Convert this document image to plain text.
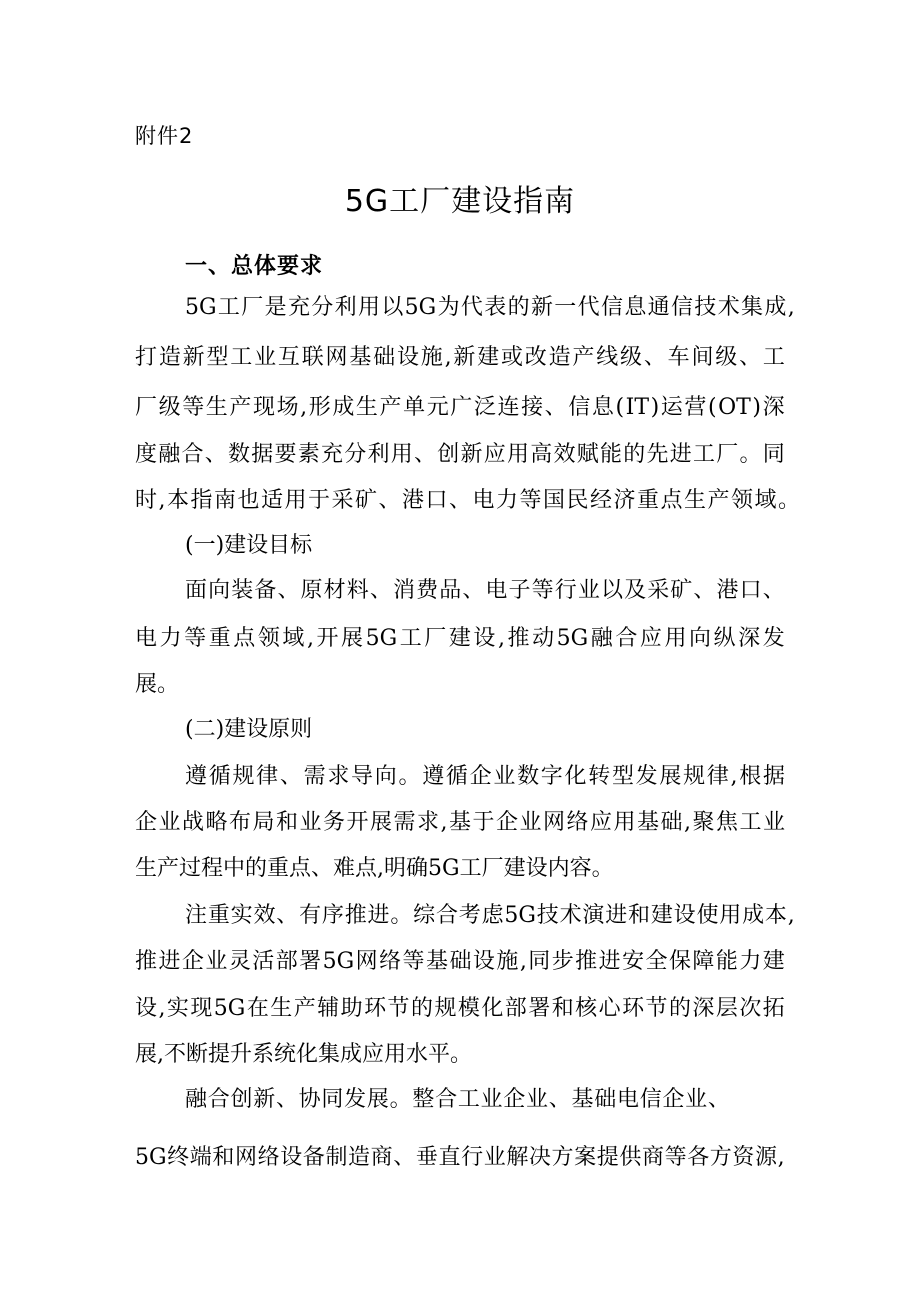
附件2
5G工厂建设指南
一、总体要求
5G 工 厂 是 充 分 利 用 以 5G 为 代 表 的 新 一 代 信 息 通 信 技 术 集 成 ,
打 造 新 型 工 业 互 联 网 基 础 设 施 , 新 建 或 改 造 产 线 级 、 车 间 级 、 工
厂 级 等 生 产 现 场 , 形 成 生 产 单 元 广 泛 连 接 、 信 息 ( IT ) 运 营 ( OT ) 深
度 融 合 、 数 据 要 素 充 分 利 用 、 创 新 应 用 高 效 赋 能 的 先 进 工 厂 。 同
时 , 本 指 南 也 适 用 于 采 矿 、 港 口 、 电 力 等 国 民 经 济 重 点 生 产 领 域 。
(一)建设目标
面 向 装 备 、 原 材 料 、 消 费 品 、 电 子 等 行 业 以 及 采 矿 、 港 口 、
电 力 等 重 点 领 域 , 开 展 5G 工 厂 建 设 , 推 动 5G 融 合 应 用 向 纵 深 发
展。
(二)建设原则
遵 循 规 律 、 需 求 导 向 。 遵 循 企 业 数 字 化 转 型 发 展 规 律 , 根 据
企 业 战 略 布 局 和 业 务 开 展 需 求 , 基 于 企 业 网 络 应 用 基 础 , 聚 焦 工 业
生产过程中的重点、难点,明确5G工厂建设内容。
注 重 实 效 、 有 序 推 进 。 综 合 考 虑 5G 技 术 演 进 和 建 设 使 用 成 本 ,
推 进 企 业 灵 活 部 署 5G 网 络 等 基 础 设 施 , 同 步 推 进 安 全 保 障 能 力 建
设 , 实 现 5G 在 生 产 辅 助 环 节 的 规 模 化 部 署 和 核 心 环 节 的 深 层 次 拓
展,不断提升系统化集成应用水平。
融 合 创 新 、 协 同 发 展 。 整 合 工 业 企 业 、 基 础 电 信 企 业 、
5G 终 端 和 网 络 设 备 制 造 商 、 垂 直 行 业 解 决 方 案 提 供 商 等 各 方 资 源 ,
